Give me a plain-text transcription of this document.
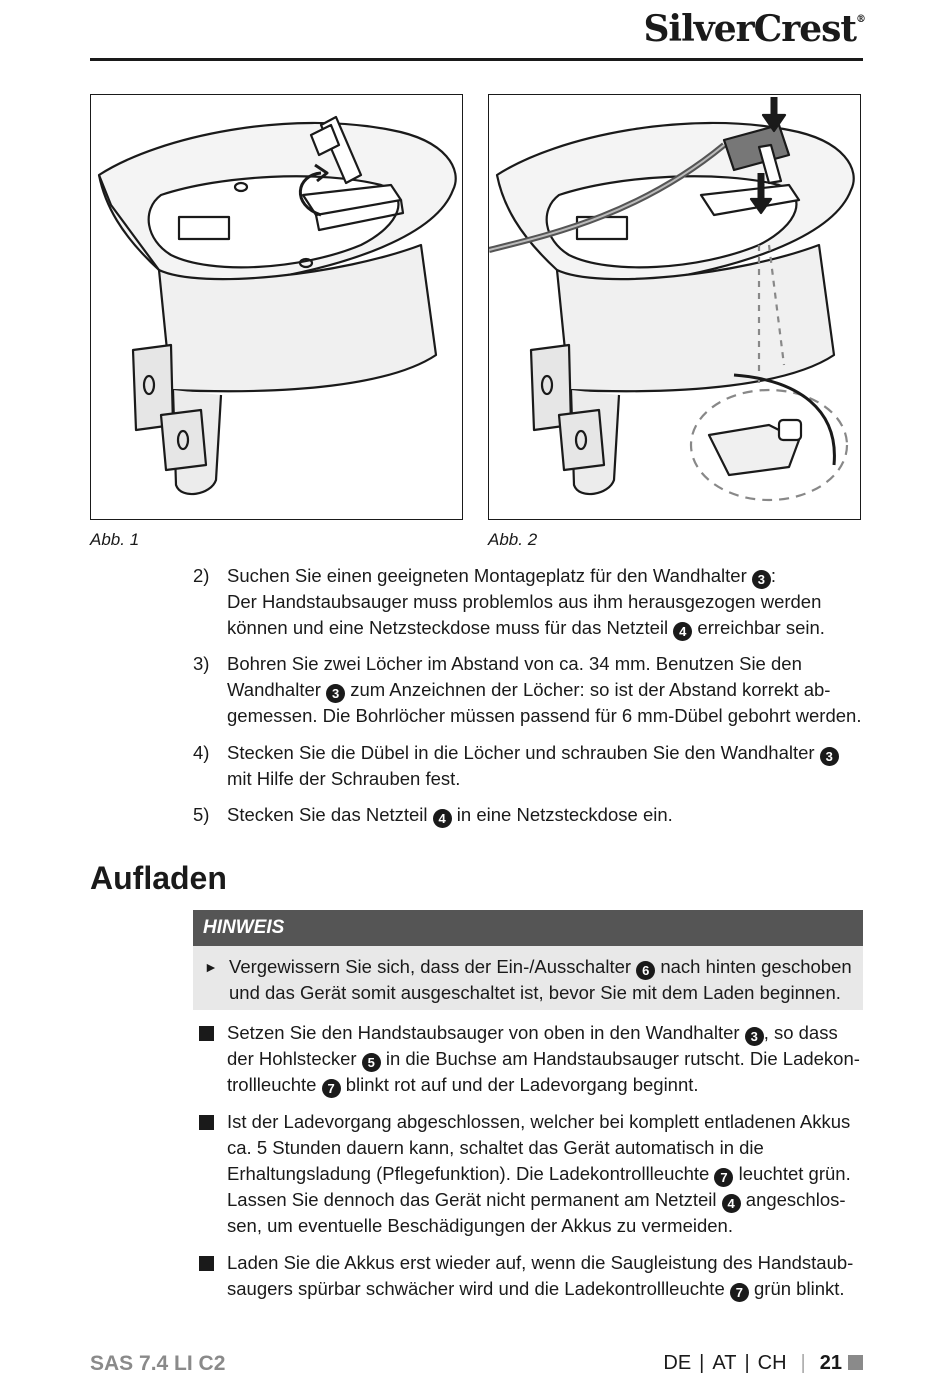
SilverCrest®
Abb. 1	Abb. 2
2) Suchen Sie einen geeigneten Montageplatz für den Wandhalter 3 :
Der Handstaubsauger muss problemlos aus ihm herausgezogen werden können und eine Netzsteckdose muss für das Netzteil 4 erreichbar sein.
3) Bohren Sie zwei Löcher im Abstand von ca. 34 mm. Benutzen Sie den Wandhalter 3 zum Anzeichnen der Löcher: so ist der Abstand korrekt ab-gemessen. Die Bohrlöcher müssen passend für 6 mm-Dübel gebohrt werden.
4) Stecken Sie die Dübel in die Löcher und schrauben Sie den Wandhalter 3 mit Hilfe der Schrauben fest.
5) Stecken Sie das Netzteil 4 in eine Netzsteckdose ein.
Aufladen
HINWEIS
► Vergewissern Sie sich, dass der Ein-/Ausschalter 6 nach hinten geschoben und das Gerät somit ausgeschaltet ist, bevor Sie mit dem Laden beginnen.
Setzen Sie den Handstaubsauger von oben in den Wandhalter 3 , so dass der Hohlstecker 5 in die Buchse am Handstaubsauger rutscht. Die Ladekon-trollleuchte 7 blinkt rot auf und der Ladevorgang beginnt.
Ist der Ladevorgang abgeschlossen, welcher bei komplett entladenen Akkus ca. 5 Stunden dauern kann, schaltet das Gerät automatisch in die Erhaltungsladung (Pflegefunktion). Die Ladekontrollleuchte 7 leuchtet grün. Lassen Sie dennoch das Gerät nicht permanent am Netzteil 4 angeschlos-sen, um eventuelle Beschädigungen der Akkus zu vermeiden.
Laden Sie die Akkus erst wieder auf, wenn die Saugleistung des Handstaub-saugers spürbar schwächer wird und die Ladekontrollleuchte 7 grün blinkt.
SAS 7.4 LI C2	DE | AT | CH | 21
